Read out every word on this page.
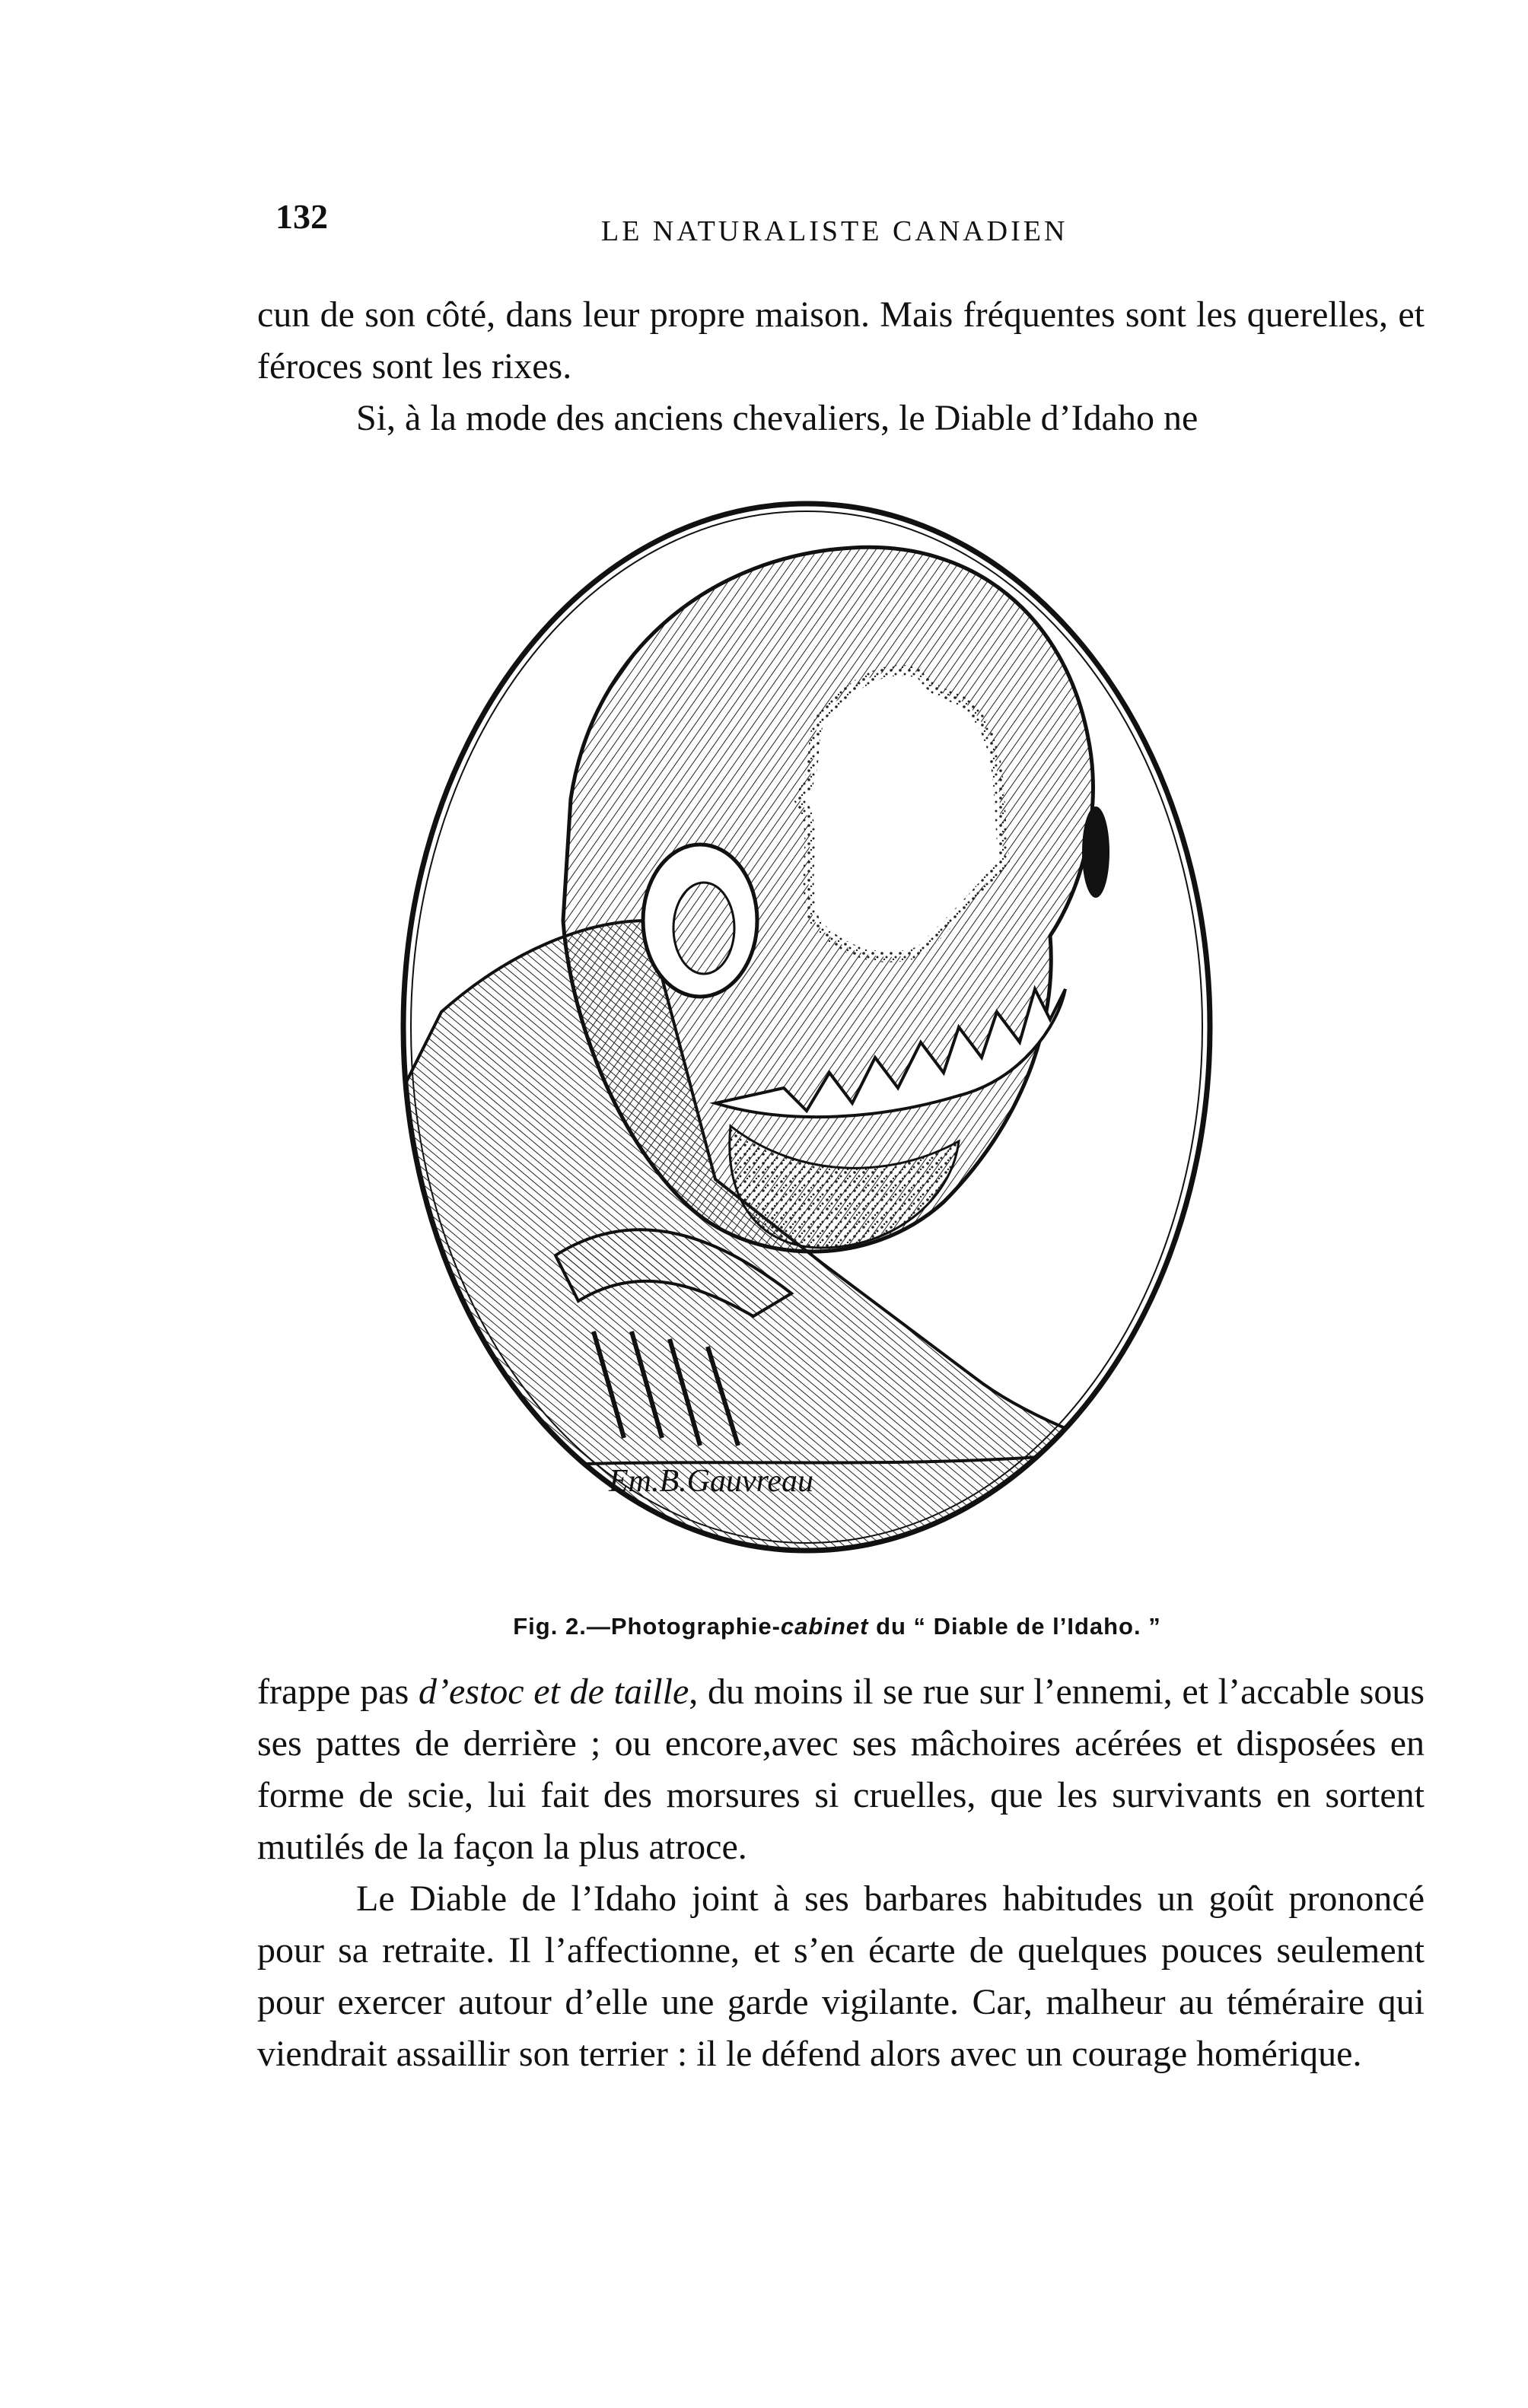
132	LE NATURALISTE CANADIEN

cun de son côté, dans leur propre maison. Mais fréquentes sont les querelles, et féroces sont les rixes.

Si, à la mode des anciens chevaliers, le Diable d’Idaho ne

Em.B.Gauvreau
Fig. 2.—Photographie-cabinet du “ Diable de l’Idaho. ”

frappe pas d’estoc et de taille, du moins il se rue sur l’ennemi, et l’accable sous ses pattes de derrière ; ou encore,avec ses mâchoires acérées et disposées en forme de scie, lui fait des morsures si cruelles, que les survivants en sortent mutilés de la façon la plus atroce.

Le Diable de l’Idaho joint à ses barbares habitudes un goût prononcé pour sa retraite. Il l’affectionne, et s’en écarte de quelques pouces seulement pour exercer autour d’elle une garde vigilante. Car, malheur au téméraire qui viendrait assaillir son terrier : il le défend alors avec un courage homérique.
